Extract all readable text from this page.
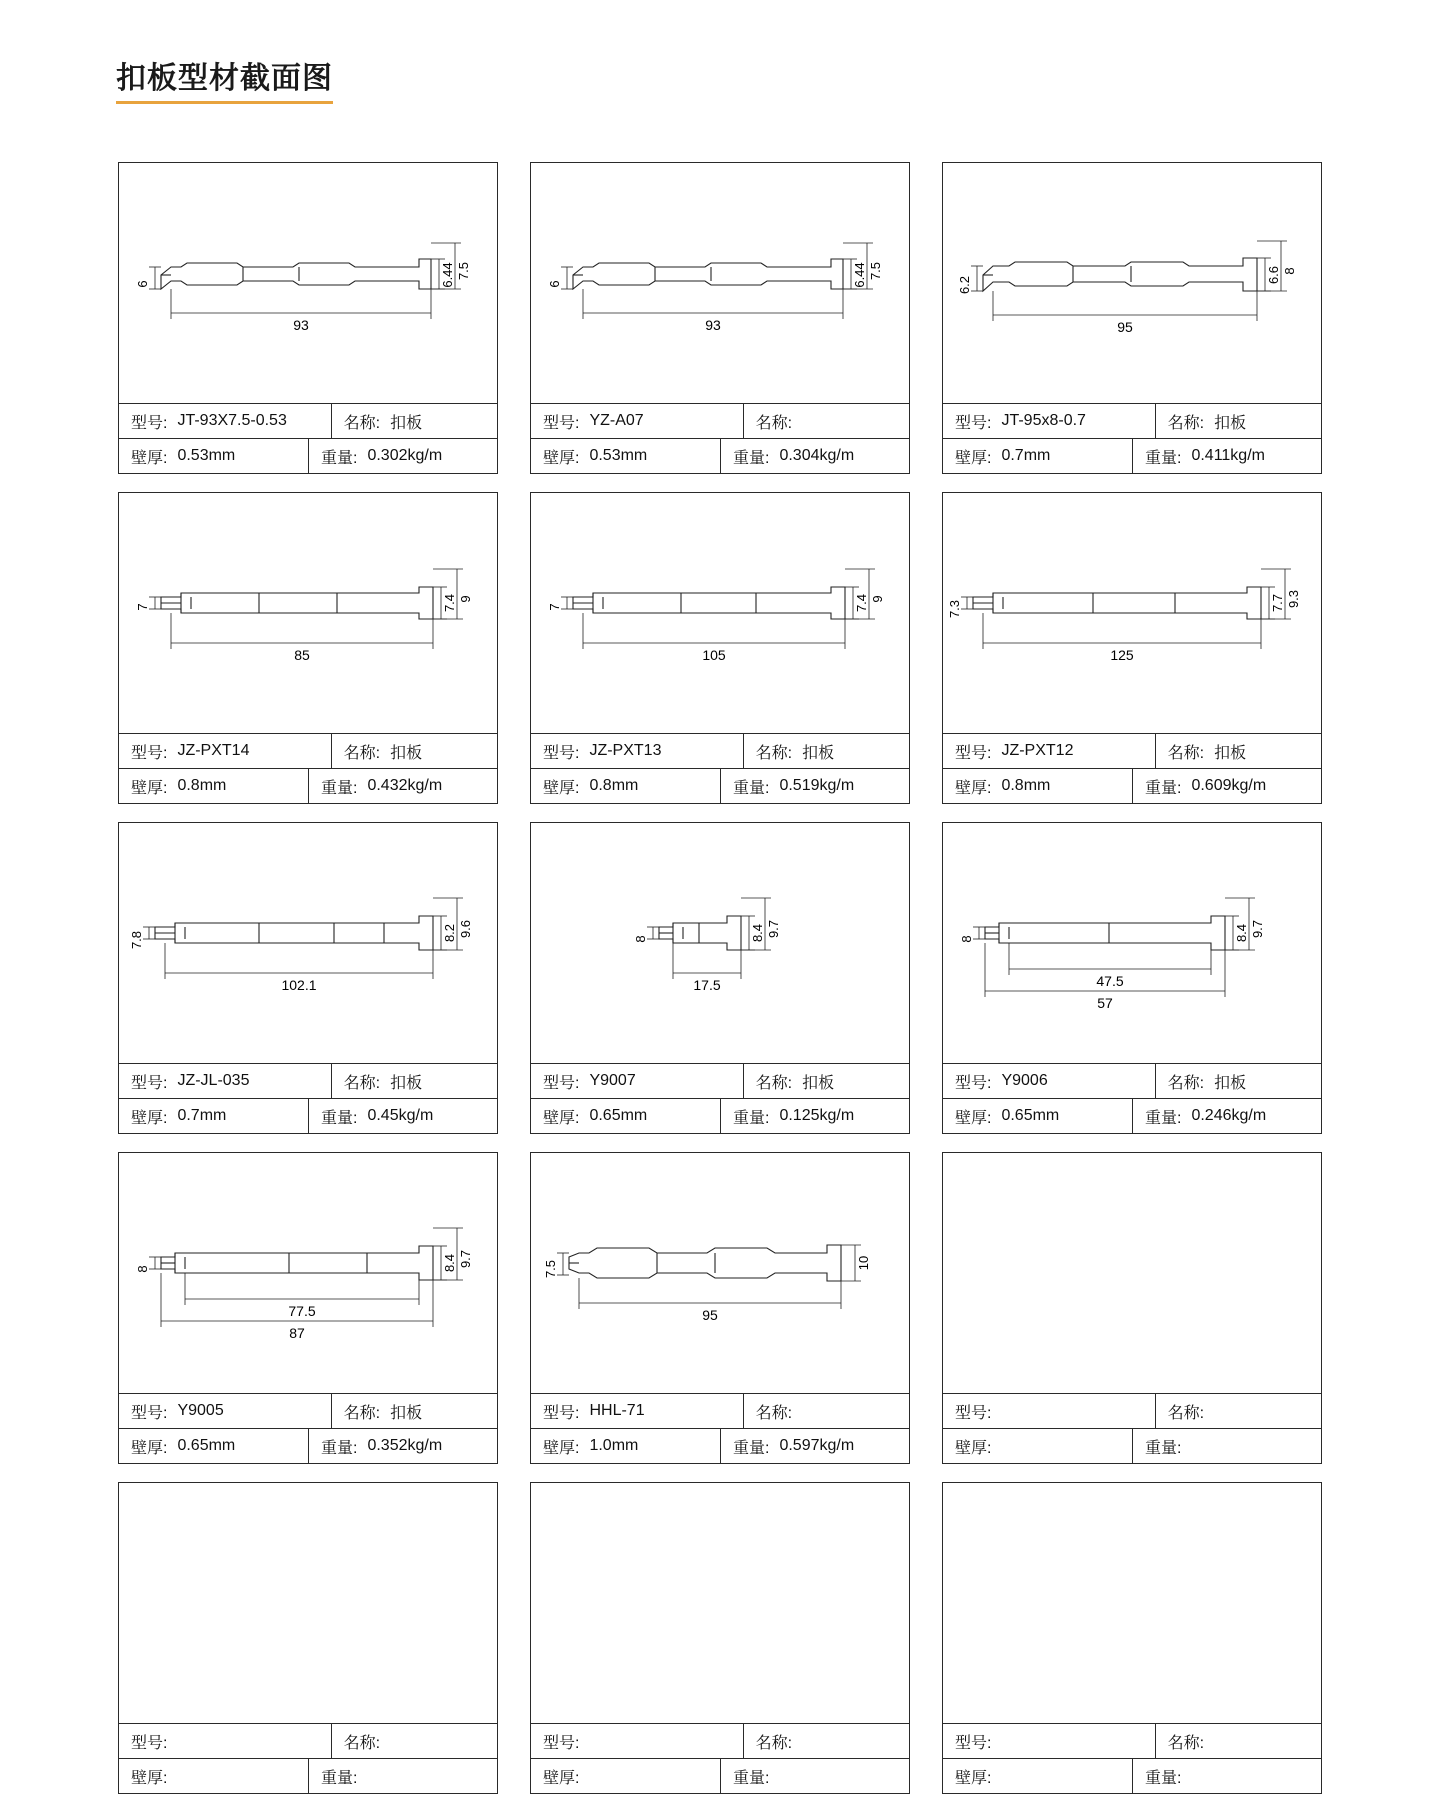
扣板型材截面图
6	6.44 7.5
93
型号: JT-93X7.5-0.53	名称: 扣板
壁厚: 0.53mm	重量: 0.302kg/m
6	6.44 7.5
93
型号: YZ-A07	名称:
壁厚: 0.53mm	重量: 0.304kg/m
6.2
6.6 8
95
型号: JT-95x8-0.7	名称: 扣板
壁厚: 0.7mm	重量: 0.411kg/m
7	7.4 9
85
型号: JZ-PXT14	名称: 扣板
壁厚: 0.8mm	重量: 0.432kg/m
7	7.4 9
105
型号: JZ-PXT13	名称: 扣板
壁厚: 0.8mm	重量: 0.519kg/m
7.3	7.7 9.3
125
型号: JZ-PXT12	名称: 扣板
壁厚: 0.8mm	重量: 0.609kg/m
7.8	8.2 9.6
102.1
型号: JZ-JL-035	名称: 扣板
壁厚: 0.7mm	重量: 0.45kg/m
8	8.4 9.7
17.5
型号: Y9007	名称: 扣板
壁厚: 0.65mm	重量: 0.125kg/m
8	8.4 9.7
47.5
57
型号: Y9006	名称: 扣板
壁厚: 0.65mm	重量: 0.246kg/m
8	8.4 9.7
77.5
87
型号: Y9005	名称: 扣板
壁厚: 0.65mm	重量: 0.352kg/m
7.5	10
95
型号: HHL-71	名称:
壁厚: 1.0mm	重量: 0.597kg/m
型号:	名称:
壁厚:	重量:
型号:	名称:
壁厚:	重量:
型号:	名称:
壁厚:	重量:
型号:	名称:
壁厚:	重量:
